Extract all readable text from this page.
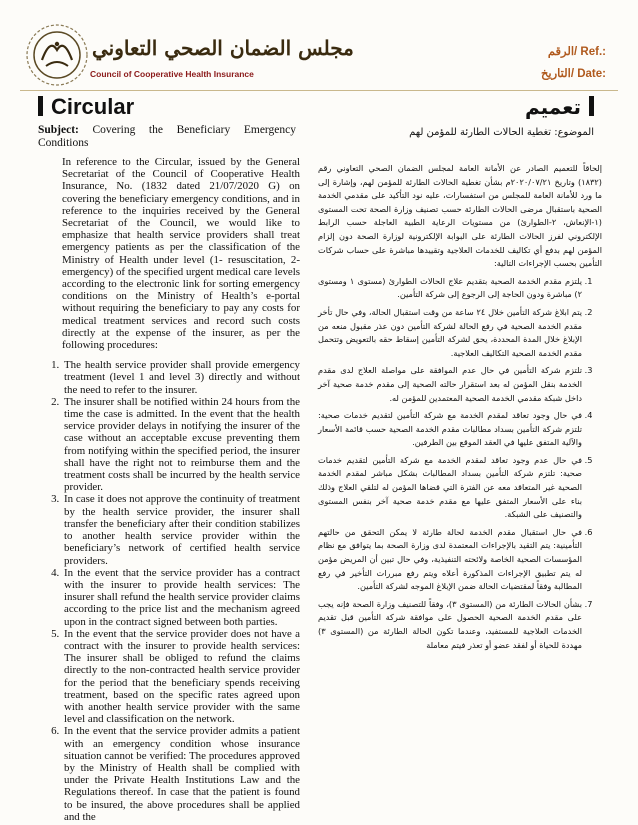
مجلس الضمان الصحي التعاوني
Council of Cooperative Health Insurance
الرقم/ Ref.:
التاريخ/ Date:
Circular
Subject: Covering the Beneficiary Emergency
Conditions

In reference to the Circular, issued by the General Secretariat of the Council of Cooperative Health Insurance, No. (1832 dated 21/07/2020 G) on covering the beneficiary emergency conditions, and in reference to the inquiries received by the General Secretariat of the Council, we would like to emphasize that health service providers shall treat emergency patients as per the classification of the Ministry of Health under level (1- resuscitation, 2- emergency) of the specified urgent medical care levels according to the electronic link for sorting emergency conditions on the Ministry of Health’s e-portal without requiring the beneficiary to pay any costs for medical treatment services and record such costs directly at the expense of the insurer, as per the following procedures:

1. The health service provider shall provide emergency treatment (level 1 and level 3) directly and without the need to refer to the insurer.
2. The insurer shall be notified within 24 hours from the time the case is admitted. In the event that the health service provider delays in notifying the insurer of the case without an acceptable excuse preventing them from notifying within the specified period, the insurer shall have the right not to reimburse them and the treatment costs shall be incurred by the health service provider.
3. In case it does not approve the continuity of treatment by the health service provider, the insurer shall transfer the beneficiary after their condition stabilizes to another health service provider within the beneficiary’s network of certified health service providers.
4. In the event that the service provider has a contract with the insurer to provide health services: The insurer shall refund the health service provider claims according to the price list and the mechanism agreed upon in the contract signed between both parties.
5. In the event that the service provider does not have a contract with the insurer to provide health services: The insurer shall be obliged to refund the claims directly to the non-contracted health service provider for the period that the beneficiary spends receiving treatment, based on the specific rates agreed upon with another health service provider with the same level and classification on the network.
6. In the event that the service provider admits a patient with an emergency condition whose insurance situation cannot be verified: The procedures approved by the Ministry of Health shall be complied with under the Private Health Institutions Law and the Regulations thereof. In case that the patient is found to be insured, the above procedures shall be applied and the
تعميم
الموضوع: تغطية الحالات الطارئة للمؤمن لهم

إلحاقاً للتعميم الصادر عن الأمانة العامة لمجلس الضمان الصحي التعاوني رقم (١٨٣٢) وتاريخ ٢٠٢٠/٠٧/٢١م بشأن تغطية الحالات الطارئة للمؤمن لهم، وإشارة إلى ما ورد للأمانة العامة للمجلس من استفسارات، عليه نود التأكيد على مقدمي الخدمة الصحية باستقبال مرضى الحالات الطارئة حسب تصنيف وزارة الصحة تحت المستوى (١-الإنعاش، ٢-الطوارئ) من مستويات الرعاية الطبية العاجلة حسب الرابط الإلكتروني لفرز الحالات الطارئة على البوابة الإلكترونية لوزارة الصحة دون إلزام المؤمن لهم بدفع أي تكاليف للخدمات العلاجية وتقييدها مباشرة على حساب شركات التأمين بحسب الإجراءات التالية:

1. يلتزم مقدم الخدمة الصحية بتقديم علاج الحالات الطوارئ (مستوى ١ ومستوى ٢) مباشرة ودون الحاجة إلى الرجوع إلى شركة التأمين.
2. يتم ابلاغ شركة التأمين خلال ٢٤ ساعة من وقت استقبال الحالة، وفي حال تأخر مقدم الخدمة الصحية في رفع الحالة لشركة التأمين دون عذر مقبول منعه من الإبلاغ خلال المدة المحددة، يحق لشركة التأمين إسقاط حقه بالتعويض وتتحمل مقدم الخدمة الصحية التكاليف العلاجية.
3. تلتزم شركة التأمين في حال عدم الموافقة على مواصلة العلاج لدى مقدم الخدمة بنقل المؤمن له بعد استقرار حالته الصحية إلى مقدم خدمة صحية آخر داخل شبكة مقدمي الخدمة الصحية المعتمدين للمؤمن له.
4. في حال وجود تعاقد لمقدم الخدمة مع شركة التأمين لتقديم خدمات صحية: تلتزم شركة التأمين بسداد مطالبات مقدم الخدمة الصحية حسب قائمة الأسعار والآلية المتفق عليها في العقد الموقع بين الطرفين.
5. في حال عدم وجود تعاقد لمقدم الخدمة مع شركة التأمين لتقديم خدمات صحية: تلتزم شركة التأمين بسداد المطالبات بشكل مباشر لمقدم الخدمة الصحية غير المتعاقد معه عن الفترة التي قضاها المؤمن له لتلقي العلاج وذلك بناء على الأسعار المتفق عليها مع مقدم خدمة صحية آخر بنفس المستوى والتصنيف على الشبكة.
6. في حال استقبال مقدم الخدمة لحالة طارئة لا يمكن التحقق من حالتهم التأمينية: يتم التقيد بالإجراءات المعتمدة لدى وزارة الصحة بما يتوافق مع نظام المؤسسات الصحية الخاصة ولائحته التنفيذية، وفي حال تبين أن المريض مؤمن له يتم تطبيق الإجراءات المذكورة أعلاه ويتم رفع مبررات التأخير في رفع المطالبة وفقاً لمقتضيات الحالة ضمن الإبلاغ الموجه لشركة التأمين.
7. بشأن الحالات الطارئة من (المستوى ٣)، وفقاً للتصنيف وزارة الصحة فإنه يجب على مقدم الخدمة الصحية الحصول على موافقة شركة التأمين قبل تقديم الخدمات العلاجية للمستفيد، وعندما تكون الحالة الطارئة من (المستوى ٣) مهددة للحياة أو لفقد عضو أو تعذر فيتم معاملة
